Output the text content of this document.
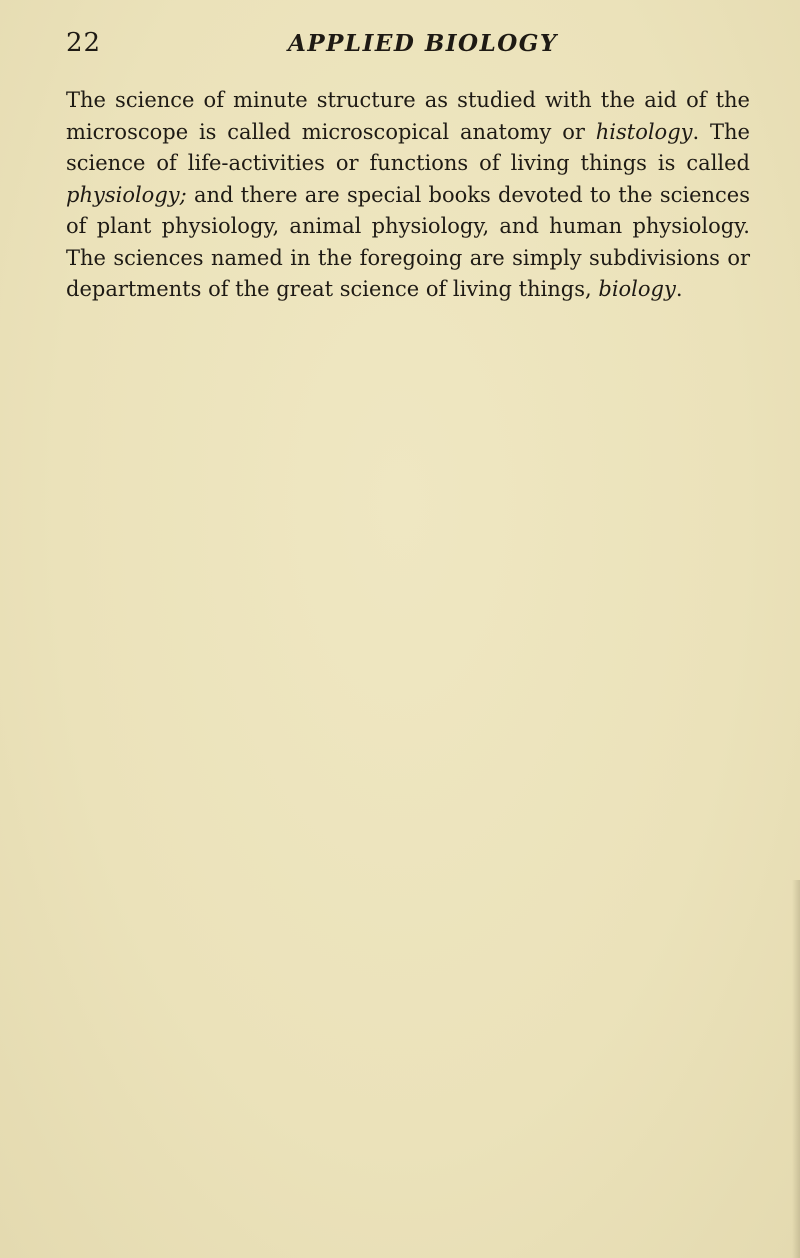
22	APPLIED BIOLOGY

The science of minute structure as studied with the aid of the microscope is called microscopical anatomy or histology. The science of life-activities or functions of living things is called physiology; and there are special books devoted to the sciences of plant physiology, animal physiology, and human physiology. The sciences named in the foregoing are simply subdivisions or departments of the great science of living things, biology.
